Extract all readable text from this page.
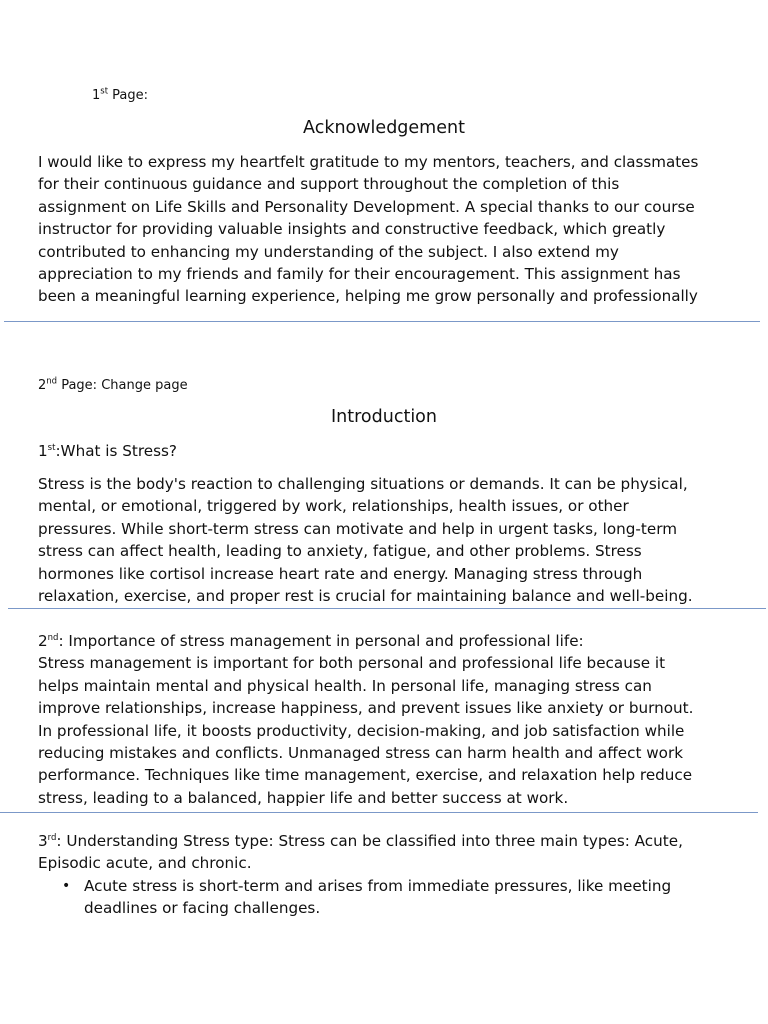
1st Page:
Acknowledgement
I would like to express my heartfelt gratitude to my mentors, teachers, and classmates
for their continuous guidance and support throughout the completion of this
assignment on Life Skills and Personality Development. A special thanks to our course
instructor for providing valuable insights and constructive feedback, which greatly
contributed to enhancing my understanding of the subject. I also extend my
appreciation to my friends and family for their encouragement. This assignment has
been a meaningful learning experience, helping me grow personally and professionally
2nd Page: Change page
Introduction
1st:What is Stress?
Stress is the body's reaction to challenging situations or demands. It can be physical,
mental, or emotional, triggered by work, relationships, health issues, or other
pressures. While short-term stress can motivate and help in urgent tasks, long-term
stress can affect health, leading to anxiety, fatigue, and other problems. Stress
hormones like cortisol increase heart rate and energy. Managing stress through
relaxation, exercise, and proper rest is crucial for maintaining balance and well-being.
2nd: Importance of stress management in personal and professional life:
Stress management is important for both personal and professional life because it
helps maintain mental and physical health. In personal life, managing stress can
improve relationships, increase happiness, and prevent issues like anxiety or burnout.
In professional life, it boosts productivity, decision-making, and job satisfaction while
reducing mistakes and conflicts. Unmanaged stress can harm health and affect work
performance. Techniques like time management, exercise, and relaxation help reduce
stress, leading to a balanced, happier life and better success at work.
3rd: Understanding Stress type: Stress can be classified into three main types: Acute,
Episodic acute, and chronic.
• Acute stress is short-term and arises from immediate pressures, like meeting
deadlines or facing challenges.
